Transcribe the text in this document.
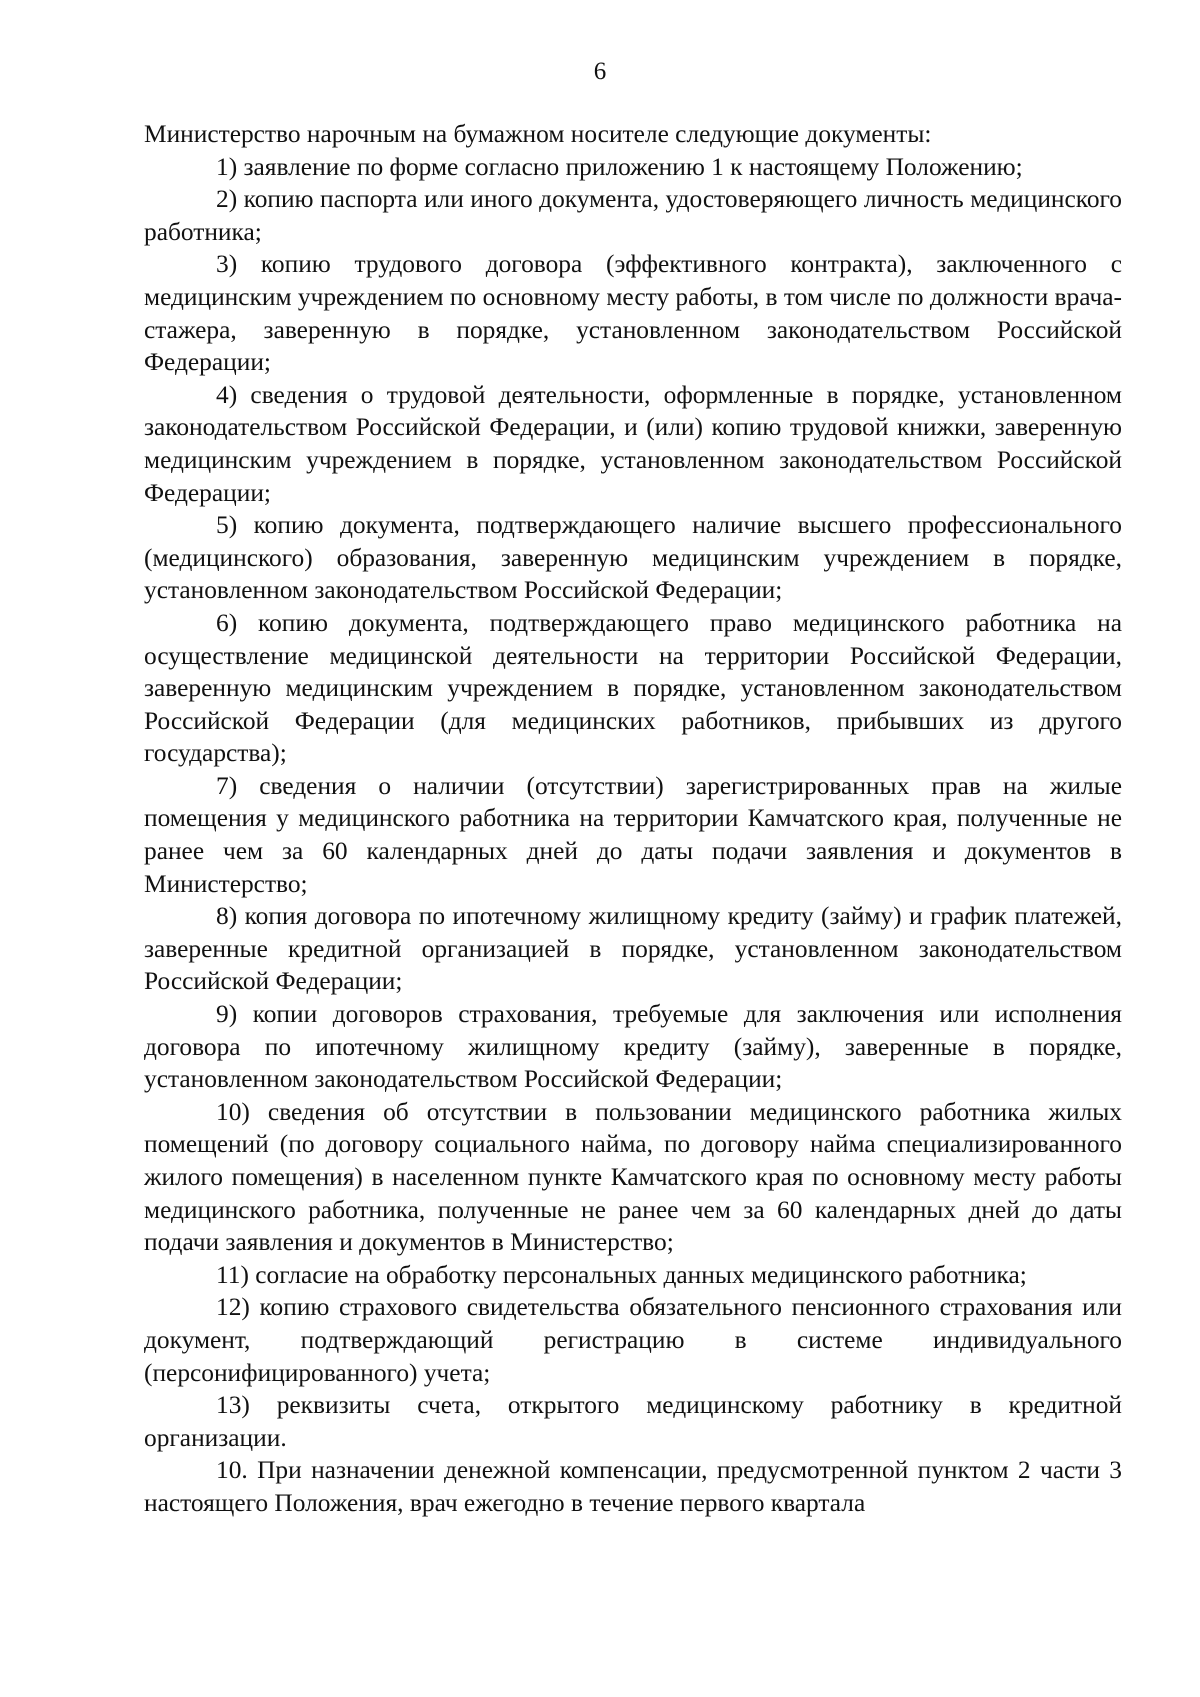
6

Министерство нарочным на бумажном носителе следующие документы:

1) заявление по форме согласно приложению 1 к настоящему Положению;

2) копию паспорта или иного документа, удостоверяющего личность медицинского работника;

3) копию трудового договора (эффективного контракта), заключенного с медицинским учреждением по основному месту работы, в том числе по должности врача-стажера, заверенную в порядке, установленном законодательством Российской Федерации;

4) сведения о трудовой деятельности, оформленные в порядке, установленном законодательством Российской Федерации, и (или) копию трудовой книжки, заверенную медицинским учреждением в порядке, установленном законодательством Российской Федерации;

5) копию документа, подтверждающего наличие высшего профессионального (медицинского) образования, заверенную медицинским учреждением в порядке, установленном законодательством Российской Федерации;

6) копию документа, подтверждающего право медицинского работника на осуществление медицинской деятельности на территории Российской Федерации, заверенную медицинским учреждением в порядке, установленном законодательством Российской Федерации (для медицинских работников, прибывших из другого государства);

7) сведения о наличии (отсутствии) зарегистрированных прав на жилые помещения у медицинского работника на территории Камчатского края, полученные не ранее чем за 60 календарных дней до даты подачи заявления и документов в Министерство;

8) копия договора по ипотечному жилищному кредиту (займу) и график платежей, заверенные кредитной организацией в порядке, установленном законодательством Российской Федерации;

9) копии договоров страхования, требуемые для заключения или исполнения договора по ипотечному жилищному кредиту (займу), заверенные в порядке, установленном законодательством Российской Федерации;

10) сведения об отсутствии в пользовании медицинского работника жилых помещений (по договору социального найма, по договору найма специализированного жилого помещения) в населенном пункте Камчатского края по основному месту работы медицинского работника, полученные не ранее чем за 60 календарных дней до даты подачи заявления и документов в Министерство;

11) согласие на обработку персональных данных медицинского работника;

12) копию страхового свидетельства обязательного пенсионного страхования или документ, подтверждающий регистрацию в системе индивидуального (персонифицированного) учета;

13) реквизиты счета, открытого медицинскому работнику в кредитной организации.

10. При назначении денежной компенсации, предусмотренной пунктом 2 части 3 настоящего Положения, врач ежегодно в течение первого квартала
